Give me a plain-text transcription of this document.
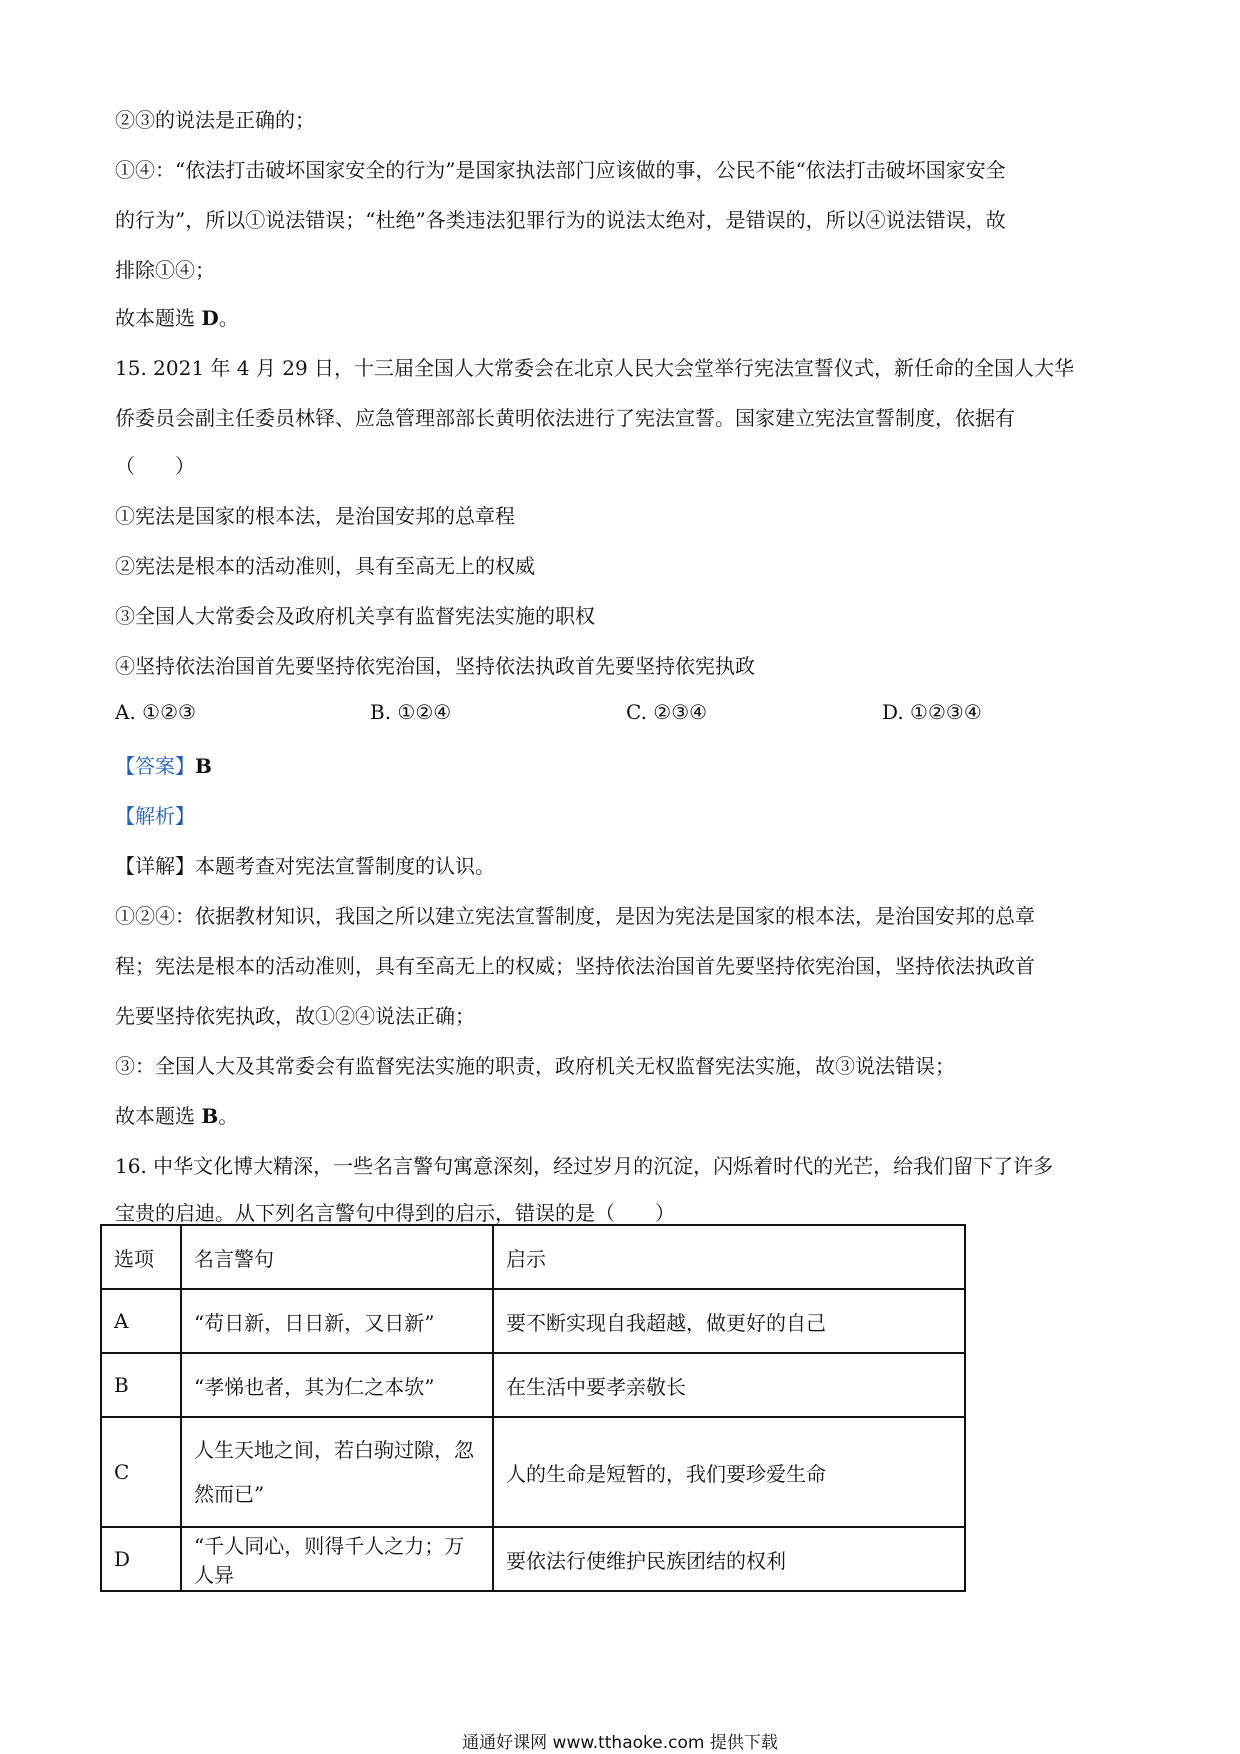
②③的说法是正确的；
①④：“依法打击破坏国家安全的行为”是国家执法部门应该做的事，公民不能“依法打击破坏国家安全
的行为”，所以①说法错误；“杜绝”各类违法犯罪行为的说法太绝对，是错误的，所以④说法错误，故
排除①④；
故本题选 D。
15. 2021 年 4 月 29 日，十三届全国人大常委会在北京人民大会堂举行宪法宣誓仪式，新任命的全国人大华
侨委员会副主任委员林铎、应急管理部部长黄明依法进行了宪法宣誓。国家建立宪法宣誓制度，依据有
（　　）
①宪法是国家的根本法，是治国安邦的总章程
②宪法是根本的活动准则，具有至高无上的权威
③全国人大常委会及政府机关享有监督宪法实施的职权
④坚持依法治国首先要坚持依宪治国，坚持依法执政首先要坚持依宪执政
A. ①②③	B. ①②④	C. ②③④	D. ①②③④
【答案】B
【解析】
【详解】本题考查对宪法宣誓制度的认识。
①②④：依据教材知识，我国之所以建立宪法宣誓制度，是因为宪法是国家的根本法，是治国安邦的总章
程；宪法是根本的活动准则，具有至高无上的权威；坚持依法治国首先要坚持依宪治国，坚持依法执政首
先要坚持依宪执政，故①②④说法正确；
③：全国人大及其常委会有监督宪法实施的职责，政府机关无权监督宪法实施，故③说法错误；
故本题选 B。
16. 中华文化博大精深，一些名言警句寓意深刻，经过岁月的沉淀，闪烁着时代的光芒，给我们留下了许多
宝贵的启迪。从下列名言警句中得到的启示，错误的是（　　）
选项	名言警句	启示
A	“苟日新，日日新，又日新”	要不断实现自我超越，做更好的自己
B	“孝悌也者，其为仁之本欤”	在生活中要孝亲敬长
C	人生天地之间，若白驹过隙，忽然而已”	人的生命是短暂的，我们要珍爱生命
D	“千人同心，则得千人之力；万人异	要依法行使维护民族团结的权利
通通好课网 www.tthaoke.com 提供下载
